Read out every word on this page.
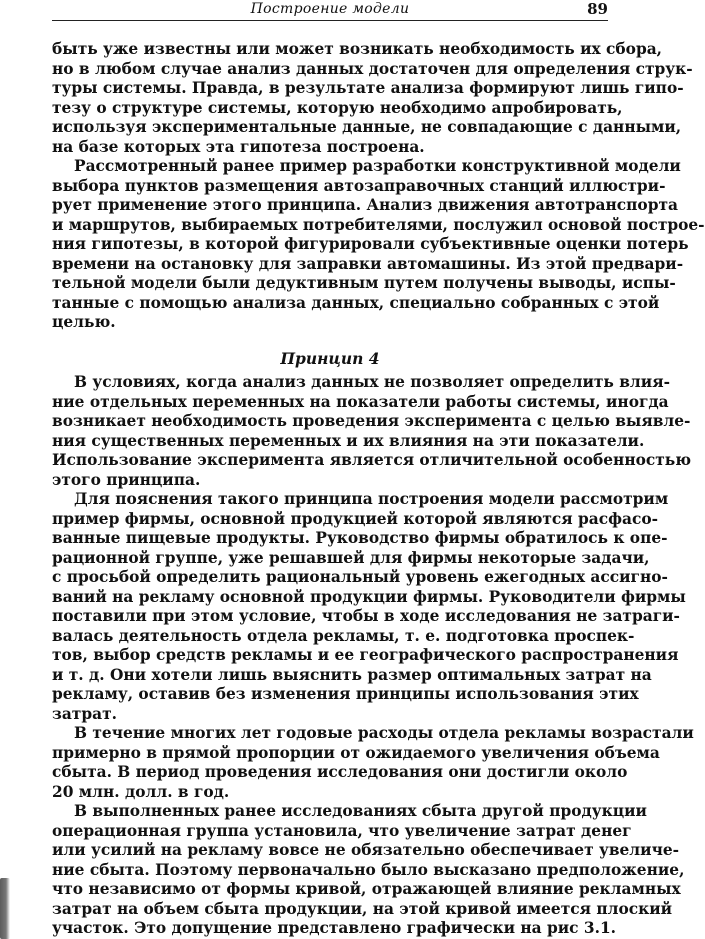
Построение модели	89
быть уже известны или может возникать необходимость их сбора,
но в любом случае анализ данных достаточен для определения струк-
туры системы. Правда, в результате анализа формируют лишь гипо-
тезу о структуре системы, которую необходимо апробировать,
используя экспериментальные данные, не совпадающие с данными,
на базе которых эта гипотеза построена.
Рассмотренный ранее пример разработки конструктивной модели
выбора пунктов размещения автозаправочных станций иллюстри-
рует применение этого принципа. Анализ движения автотранспорта
и маршрутов, выбираемых потребителями, послужил основой построе-
ния гипотезы, в которой фигурировали субъективные оценки потерь
времени на остановку для заправки автомашины. Из этой предвари-
тельной модели были дедуктивным путем получены выводы, испы-
танные с помощью анализа данных, специально собранных с этой
целью.
Принцип 4
В условиях, когда анализ данных не позволяет определить влия-
ние отдельных переменных на показатели работы системы, иногда
возникает необходимость проведения эксперимента с целью выявле-
ния существенных переменных и их влияния на эти показатели.
Использование эксперимента является отличительной особенностью
этого принципа.
Для пояснения такого принципа построения модели рассмотрим
пример фирмы, основной продукцией которой являются расфасо-
ванные пищевые продукты. Руководство фирмы обратилось к опе-
рационной группе, уже решавшей для фирмы некоторые задачи,
с просьбой определить рациональный уровень ежегодных ассигно-
ваний на рекламу основной продукции фирмы. Руководители фирмы
поставили при этом условие, чтобы в ходе исследования не затраги-
валась деятельность отдела рекламы, т. е. подготовка проспек-
тов, выбор средств рекламы и ее географического распространения
и т. д. Они хотели лишь выяснить размер оптимальных затрат на
рекламу, оставив без изменения принципы использования этих
затрат.
В течение многих лет годовые расходы отдела рекламы возрастали
примерно в прямой пропорции от ожидаемого увеличения объема
сбыта. В период проведения исследования они достигли около
20 млн. долл. в год.
В выполненных ранее исследованиях сбыта другой продукции
операционная группа установила, что увеличение затрат денег
или усилий на рекламу вовсе не обязательно обеспечивает увеличе-
ние сбыта. Поэтому первоначально было высказано предположение,
что независимо от формы кривой, отражающей влияние рекламных
затрат на объем сбыта продукции, на этой кривой имеется плоский
участок. Это допущение представлено графически на рис 3.1.
